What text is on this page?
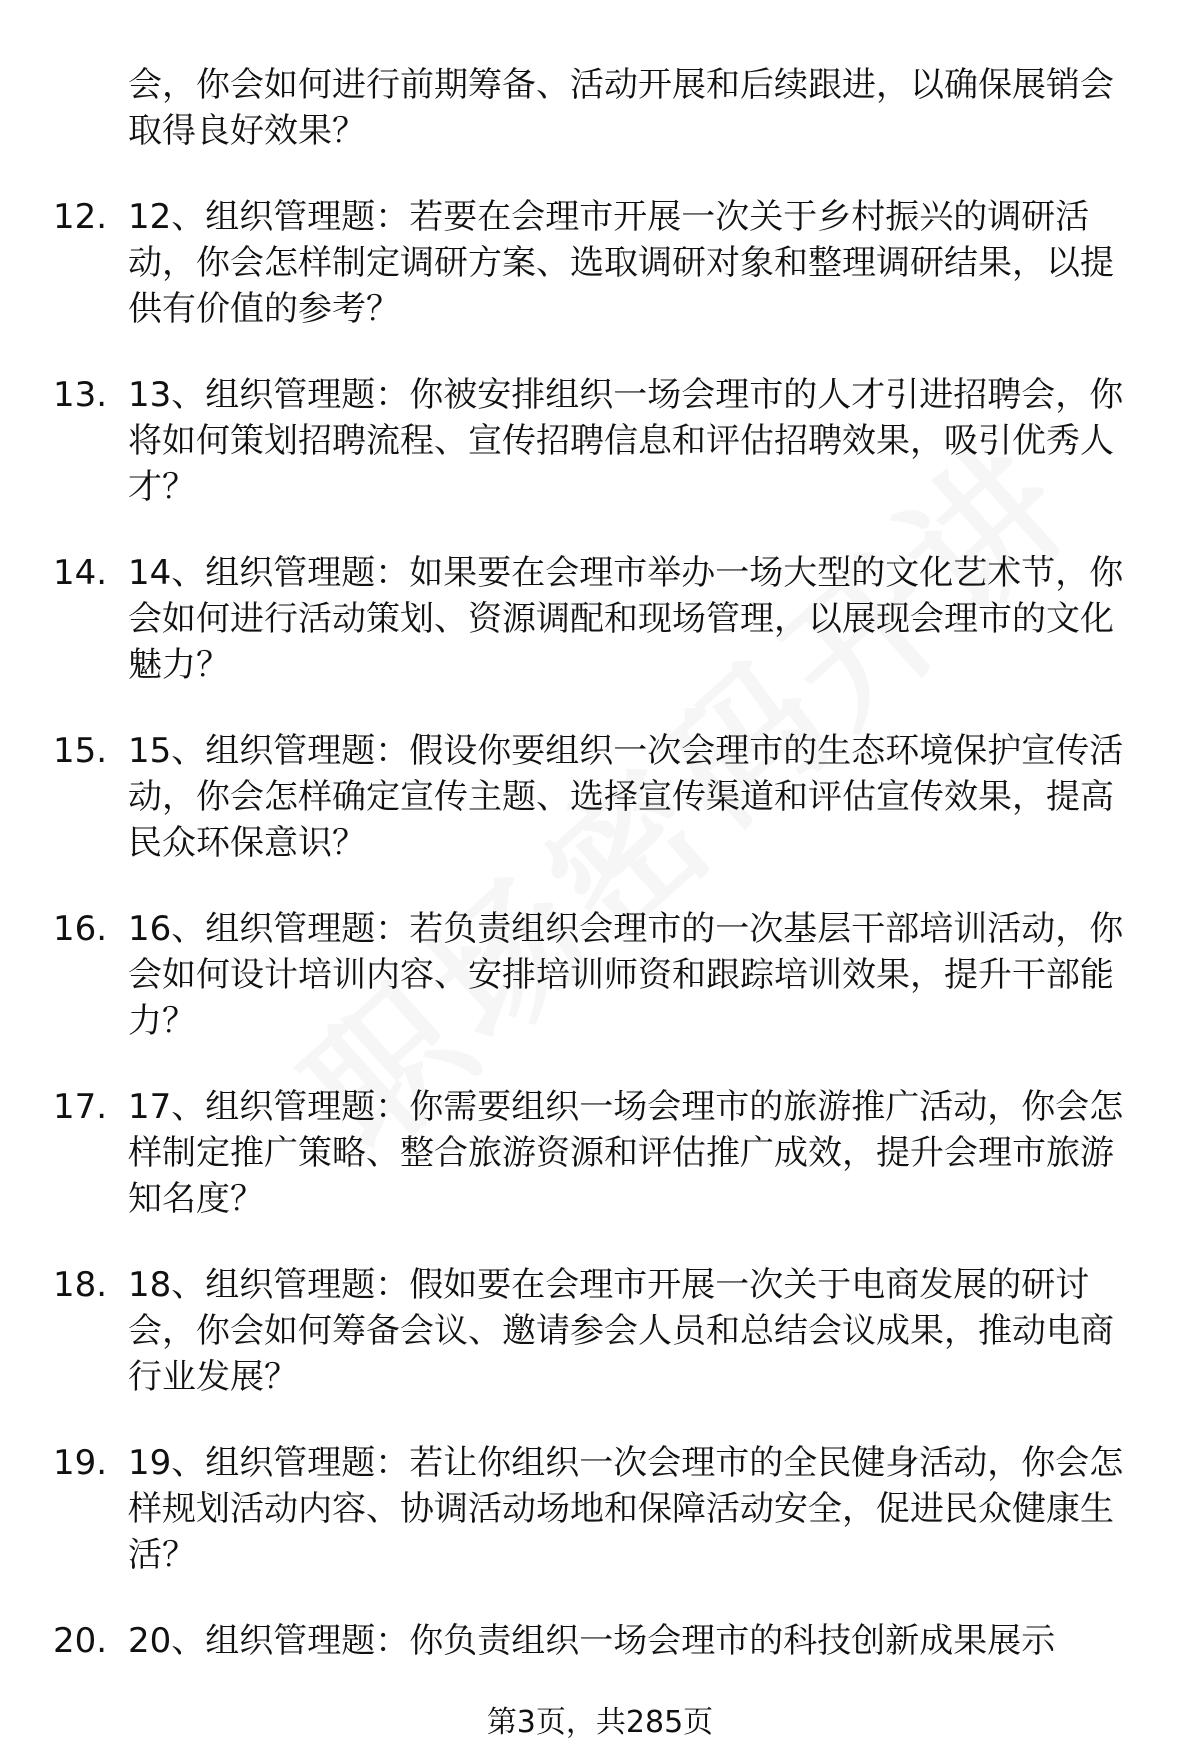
会，你会如何进行前期筹备、活动开展和后续跟进，以确保展销会取得良好效果？
12. 12、组织管理题：若要在会理市开展一次关于乡村振兴的调研活动，你会怎样制定调研方案、选取调研对象和整理调研结果，以提供有价值的参考？
13. 13、组织管理题：你被安排组织一场会理市的人才引进招聘会，你将如何策划招聘流程、宣传招聘信息和评估招聘效果，吸引优秀人才？
14. 14、组织管理题：如果要在会理市举办一场大型的文化艺术节，你会如何进行活动策划、资源调配和现场管理，以展现会理市的文化魅力？
15. 15、组织管理题：假设你要组织一次会理市的生态环境保护宣传活动，你会怎样确定宣传主题、选择宣传渠道和评估宣传效果，提高民众环保意识？
16. 16、组织管理题：若负责组织会理市的一次基层干部培训活动，你会如何设计培训内容、安排培训师资和跟踪培训效果，提升干部能力？
17. 17、组织管理题：你需要组织一场会理市的旅游推广活动，你会怎样制定推广策略、整合旅游资源和评估推广成效，提升会理市旅游知名度？
18. 18、组织管理题：假如要在会理市开展一次关于电商发展的研讨会，你会如何筹备会议、邀请参会人员和总结会议成果，推动电商行业发展？
19. 19、组织管理题：若让你组织一次会理市的全民健身活动，你会怎样规划活动内容、协调活动场地和保障活动安全，促进民众健康生活？
20. 20、组织管理题：你负责组织一场会理市的科技创新成果展示
第3页，共285页
